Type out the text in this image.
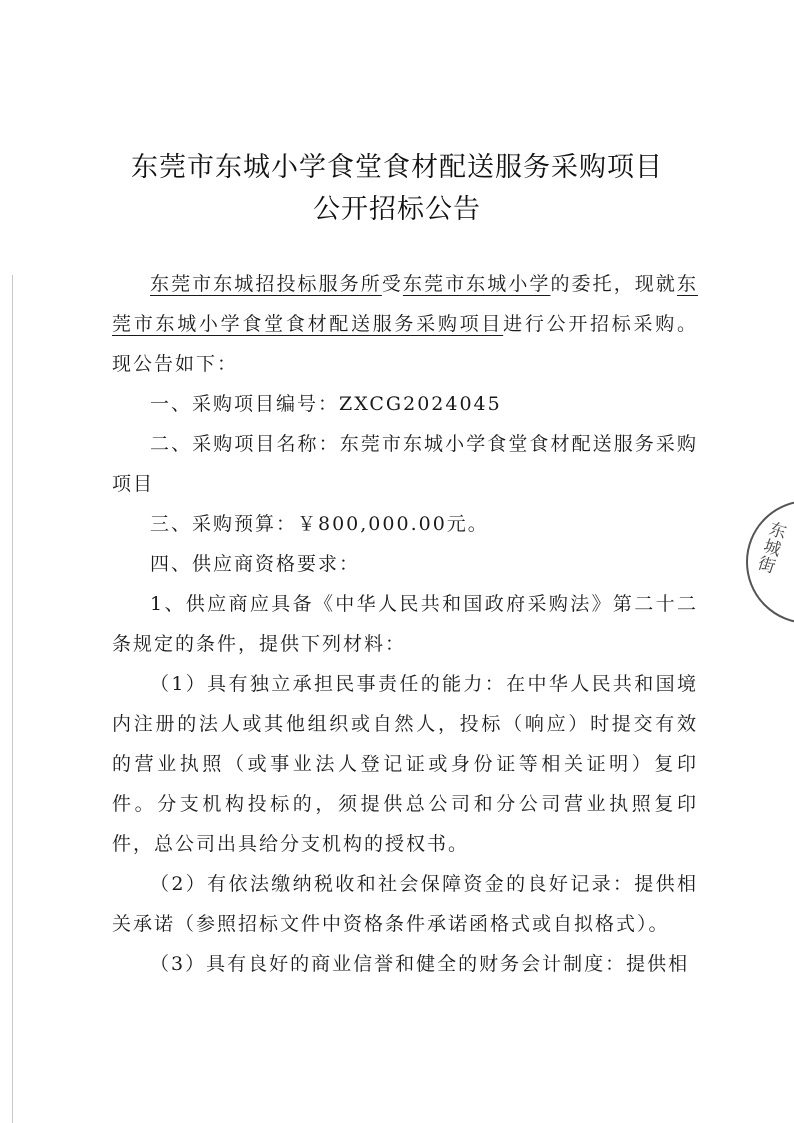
东莞市东城小学食堂食材配送服务采购项目
公开招标公告
东莞市东城招投标服务所受东莞市东城小学的委托，现就东莞市东城小学食堂食材配送服务采购项目进行公开招标采购。现公告如下：
一、采购项目编号：ZXCG2024045
二、采购项目名称：东莞市东城小学食堂食材配送服务采购项目
三、采购预算：￥800,000.00元。
四、供应商资格要求：
1、供应商应具备《中华人民共和国政府采购法》第二十二条规定的条件，提供下列材料：
（1）具有独立承担民事责任的能力：在中华人民共和国境内注册的法人或其他组织或自然人，投标（响应）时提交有效的营业执照（或事业法人登记证或身份证等相关证明）复印件。分支机构投标的，须提供总公司和分公司营业执照复印件，总公司出具给分支机构的授权书。
（2）有依法缴纳税收和社会保障资金的良好记录：提供相关承诺（参照招标文件中资格条件承诺函格式或自拟格式）。
（3）具有良好的商业信誉和健全的财务会计制度：提供相
东城街
